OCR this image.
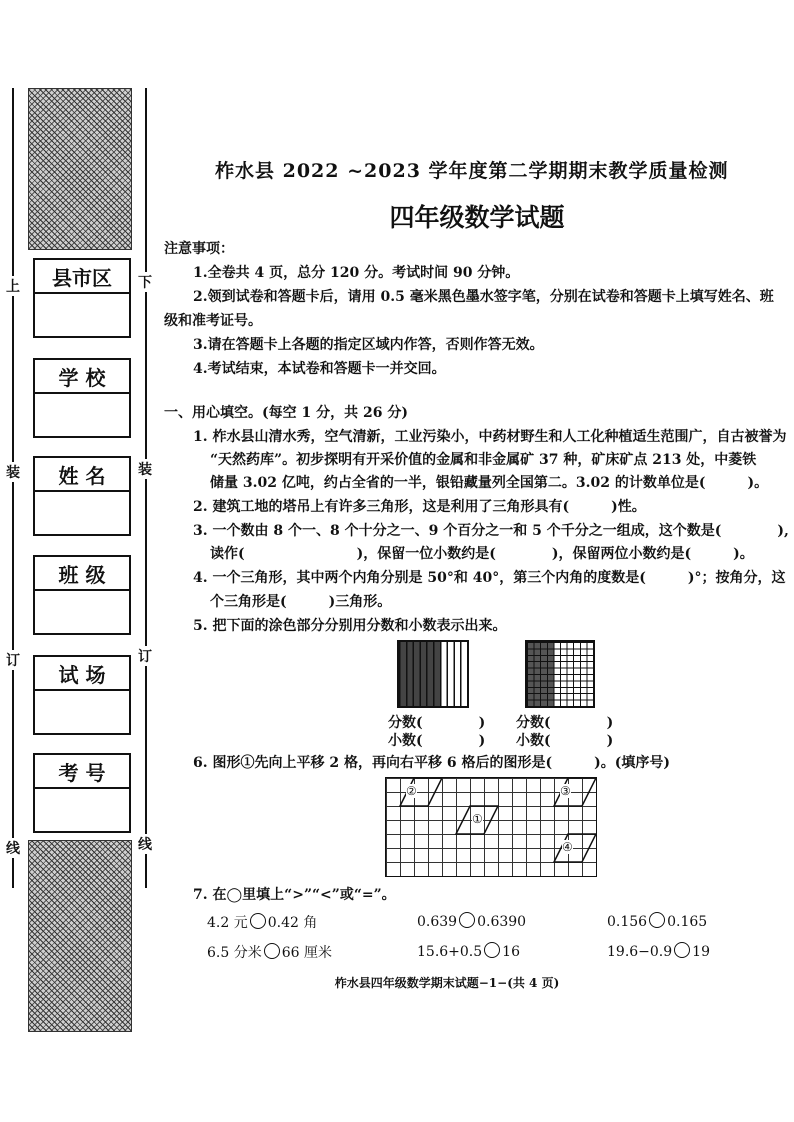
上	下
装	装
订	订
线	线
县市区
学 校
姓 名
班 级
试 场
考 号
柞水县 2022 ~2023 学年度第二学期期末教学质量检测
四年级数学试题
注意事项：
1.全卷共 4 页，总分 120 分。考试时间 90 分钟。
2.领到试卷和答题卡后，请用 0.5 毫米黑色墨水签字笔，分别在试卷和答题卡上填写姓名、班
级和准考证号。
3.请在答题卡上各题的指定区域内作答，否则作答无效。
4.考试结束，本试卷和答题卡一并交回。
一、用心填空。(每空 1 分，共 26 分)
1. 柞水县山清水秀，空气清新，工业污染小，中药材野生和人工化种植适生范围广，自古被誉为
“天然药库”。初步探明有开采价值的金属和非金属矿 37 种，矿床矿点 213 处，中菱铁
储量 3.02 亿吨，约占全省的一半，银铅藏量列全国第二。3.02 的计数单位是(　　　)。
2. 建筑工地的塔吊上有许多三角形，这是利用了三角形具有(　　　)性。
3. 一个数由 8 个一、8 个十分之一、9 个百分之一和 5 个千分之一组成，这个数是(　　　　),
读作(　　　　　　　　)，保留一位小数约是(　　　　)，保留两位小数约是(　　　)。
4. 一个三角形，其中两个内角分别是 50°和 40°，第三个内角的度数是(　　　)°；按角分，这
个三角形是(　　　)三角形。
5. 把下面的涂色部分分别用分数和小数表示出来。
分数(　　　　)
小数(　　　　)
分数(　　　　)
小数(　　　　)
6. 图形①先向上平移 2 格，再向右平移 6 格后的图形是(　　　)。(填序号)
②	③
①
④
7. 在◯里填上“>”“<”或“=”。
4.2 元 0.42 角	0.639 0.6390	0.156 0.165
6.5 分米 66 厘米	15.6+0.5 16	19.6−0.9 19
柞水县四年级数学期末试题−1−(共 4 页)
